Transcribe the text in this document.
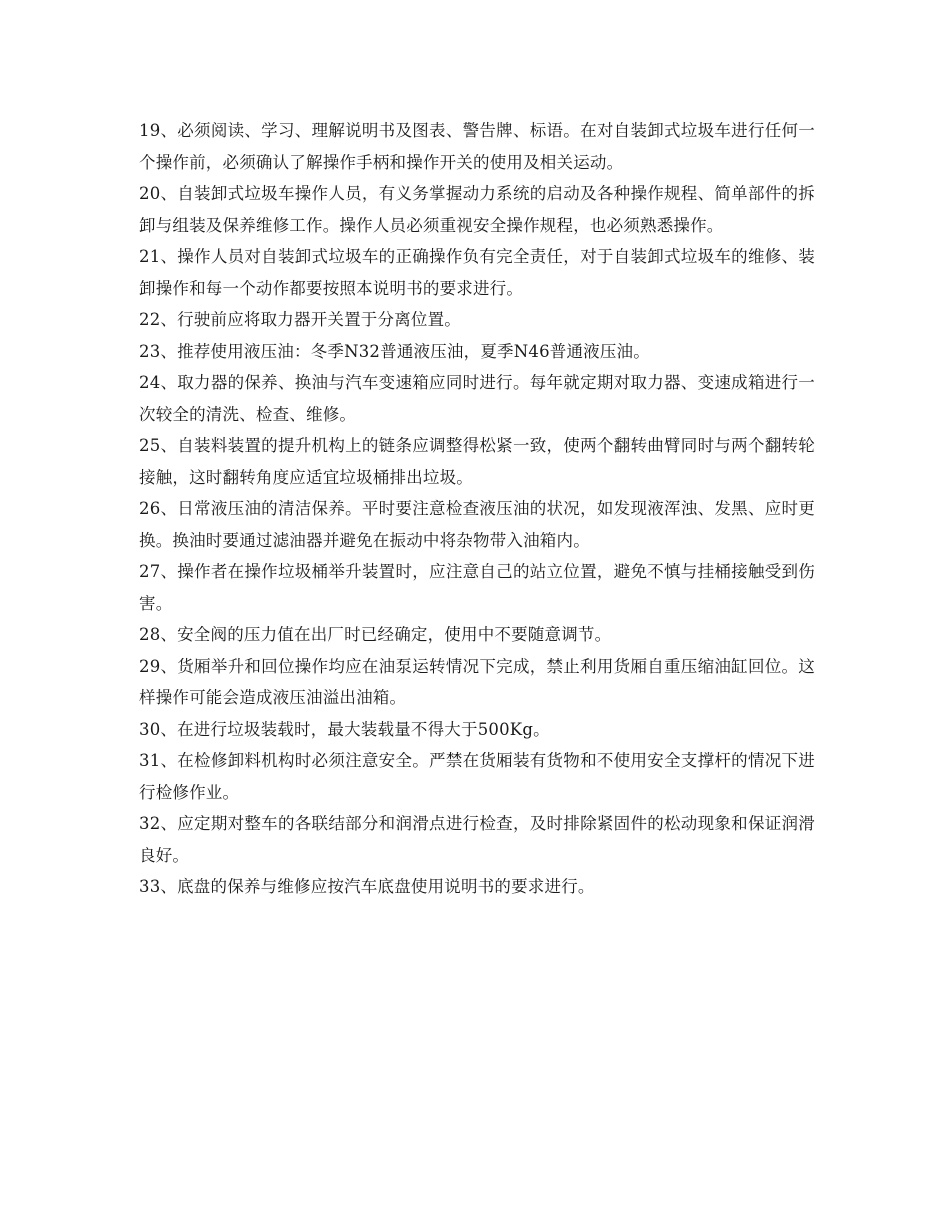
19、必须阅读、学习、理解说明书及图表、警告牌、标语。在对自装卸式垃圾车进行任何一个操作前，必须确认了解操作手柄和操作开关的使用及相关运动。

20、自装卸式垃圾车操作人员，有义务掌握动力系统的启动及各种操作规程、简单部件的拆卸与组装及保养维修工作。操作人员必须重视安全操作规程，也必须熟悉操作。

21、操作人员对自装卸式垃圾车的正确操作负有完全责任，对于自装卸式垃圾车的维修、装卸操作和每一个动作都要按照本说明书的要求进行。

22、行驶前应将取力器开关置于分离位置。

23、推荐使用液压油：冬季N32普通液压油，夏季N46普通液压油。

24、取力器的保养、换油与汽车变速箱应同时进行。每年就定期对取力器、变速成箱进行一次较全的清洗、检查、维修。

25、自装料装置的提升机构上的链条应调整得松紧一致，使两个翻转曲臂同时与两个翻转轮接触，这时翻转角度应适宜垃圾桶排出垃圾。

26、日常液压油的清洁保养。平时要注意检查液压油的状况，如发现液浑浊、发黑、应时更换。换油时要通过滤油器并避免在振动中将杂物带入油箱内。

27、操作者在操作垃圾桶举升装置时，应注意自己的站立位置，避免不慎与挂桶接触受到伤害。

28、安全阀的压力值在出厂时已经确定，使用中不要随意调节。

29、货厢举升和回位操作均应在油泵运转情况下完成，禁止利用货厢自重压缩油缸回位。这样操作可能会造成液压油溢出油箱。

30、在进行垃圾装载时，最大装载量不得大于500Kg。

31、在检修卸料机构时必须注意安全。严禁在货厢装有货物和不使用安全支撑杆的情况下进行检修作业。

32、应定期对整车的各联结部分和润滑点进行检查，及时排除紧固件的松动现象和保证润滑良好。

33、底盘的保养与维修应按汽车底盘使用说明书的要求进行。
